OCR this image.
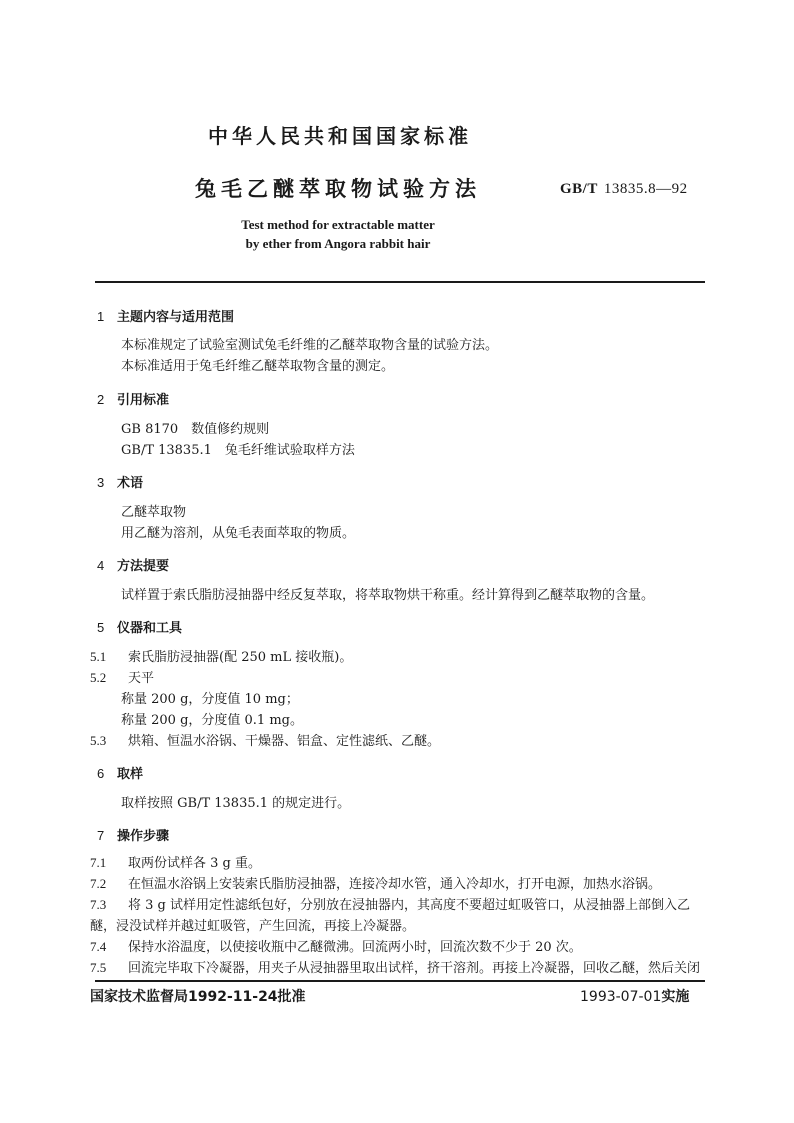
中华人民共和国国家标准
兔毛乙醚萃取物试验方法	GB/T 13835.8—92
Test method for extractable matter
by ether from Angora rabbit hair
1 主题内容与适用范围
本标准规定了试验室测试兔毛纤维的乙醚萃取物含量的试验方法。
本标准适用于兔毛纤维乙醚萃取物含量的测定。
2 引用标准
GB 8170　数值修约规则
GB/T 13835.1　兔毛纤维试验取样方法
3 术语
乙醚萃取物
用乙醚为溶剂，从兔毛表面萃取的物质。
4 方法提要
试样置于索氏脂肪浸抽器中经反复萃取，将萃取物烘干称重。经计算得到乙醚萃取物的含量。
5 仪器和工具
5.1 索氏脂肪浸抽器(配 250 mL 接收瓶)。
5.2 天平
称量 200 g，分度值 10 mg；
称量 200 g，分度值 0.1 mg。
5.3 烘箱、恒温水浴锅、干燥器、铝盒、定性滤纸、乙醚。
6 取样
取样按照 GB/T 13835.1 的规定进行。
7 操作步骤
7.1 取两份试样各 3 g 重。
7.2 在恒温水浴锅上安装索氏脂肪浸抽器，连接冷却水管，通入冷却水，打开电源，加热水浴锅。
7.3 将 3 g 试样用定性滤纸包好，分别放在浸抽器内，其高度不要超过虹吸管口，从浸抽器上部倒入乙
醚，浸没试样并越过虹吸管，产生回流，再接上冷凝器。
7.4 保持水浴温度，以使接收瓶中乙醚微沸。回流两小时，回流次数不少于 20 次。
7.5 回流完毕取下冷凝器，用夹子从浸抽器里取出试样，挤干溶剂。再接上冷凝器，回收乙醚，然后关闭
国家技术监督局1992-11-24批准	1993-07-01实施
